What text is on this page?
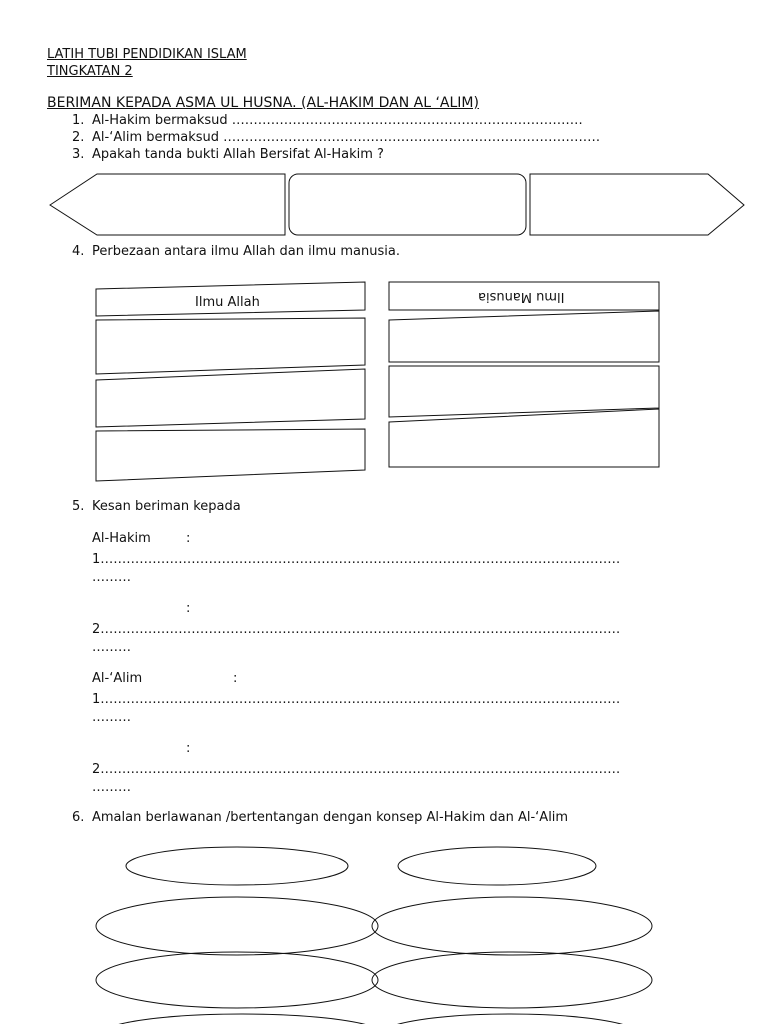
LATIH TUBI PENDIDIKAN ISLAM
TINGKATAN 2
BERIMAN KEPADA ASMA UL HUSNA. (AL-HAKIM DAN AL ‘ALIM)
1. Al-Hakim bermaksud ………………………………………………………………………
2. Al-‘Alim bermaksud ……………………………………………………………………………
3. Apakah tanda bukti Allah Bersifat Al-Hakim ?
4. Perbezaan antara ilmu Allah dan ilmu manusia.
Ilmu Allah	Ilmu Manusia
5. Kesan beriman kepada
Al-Hakim	:
1…………………………………………………………………………………………………………
………
:
2…………………………………………………………………………………………………………
………
Al-‘Alim	:
1…………………………………………………………………………………………………………
………
:
2…………………………………………………………………………………………………………
………
6. Amalan berlawanan /bertentangan dengan konsep Al-Hakim dan Al-‘Alim
